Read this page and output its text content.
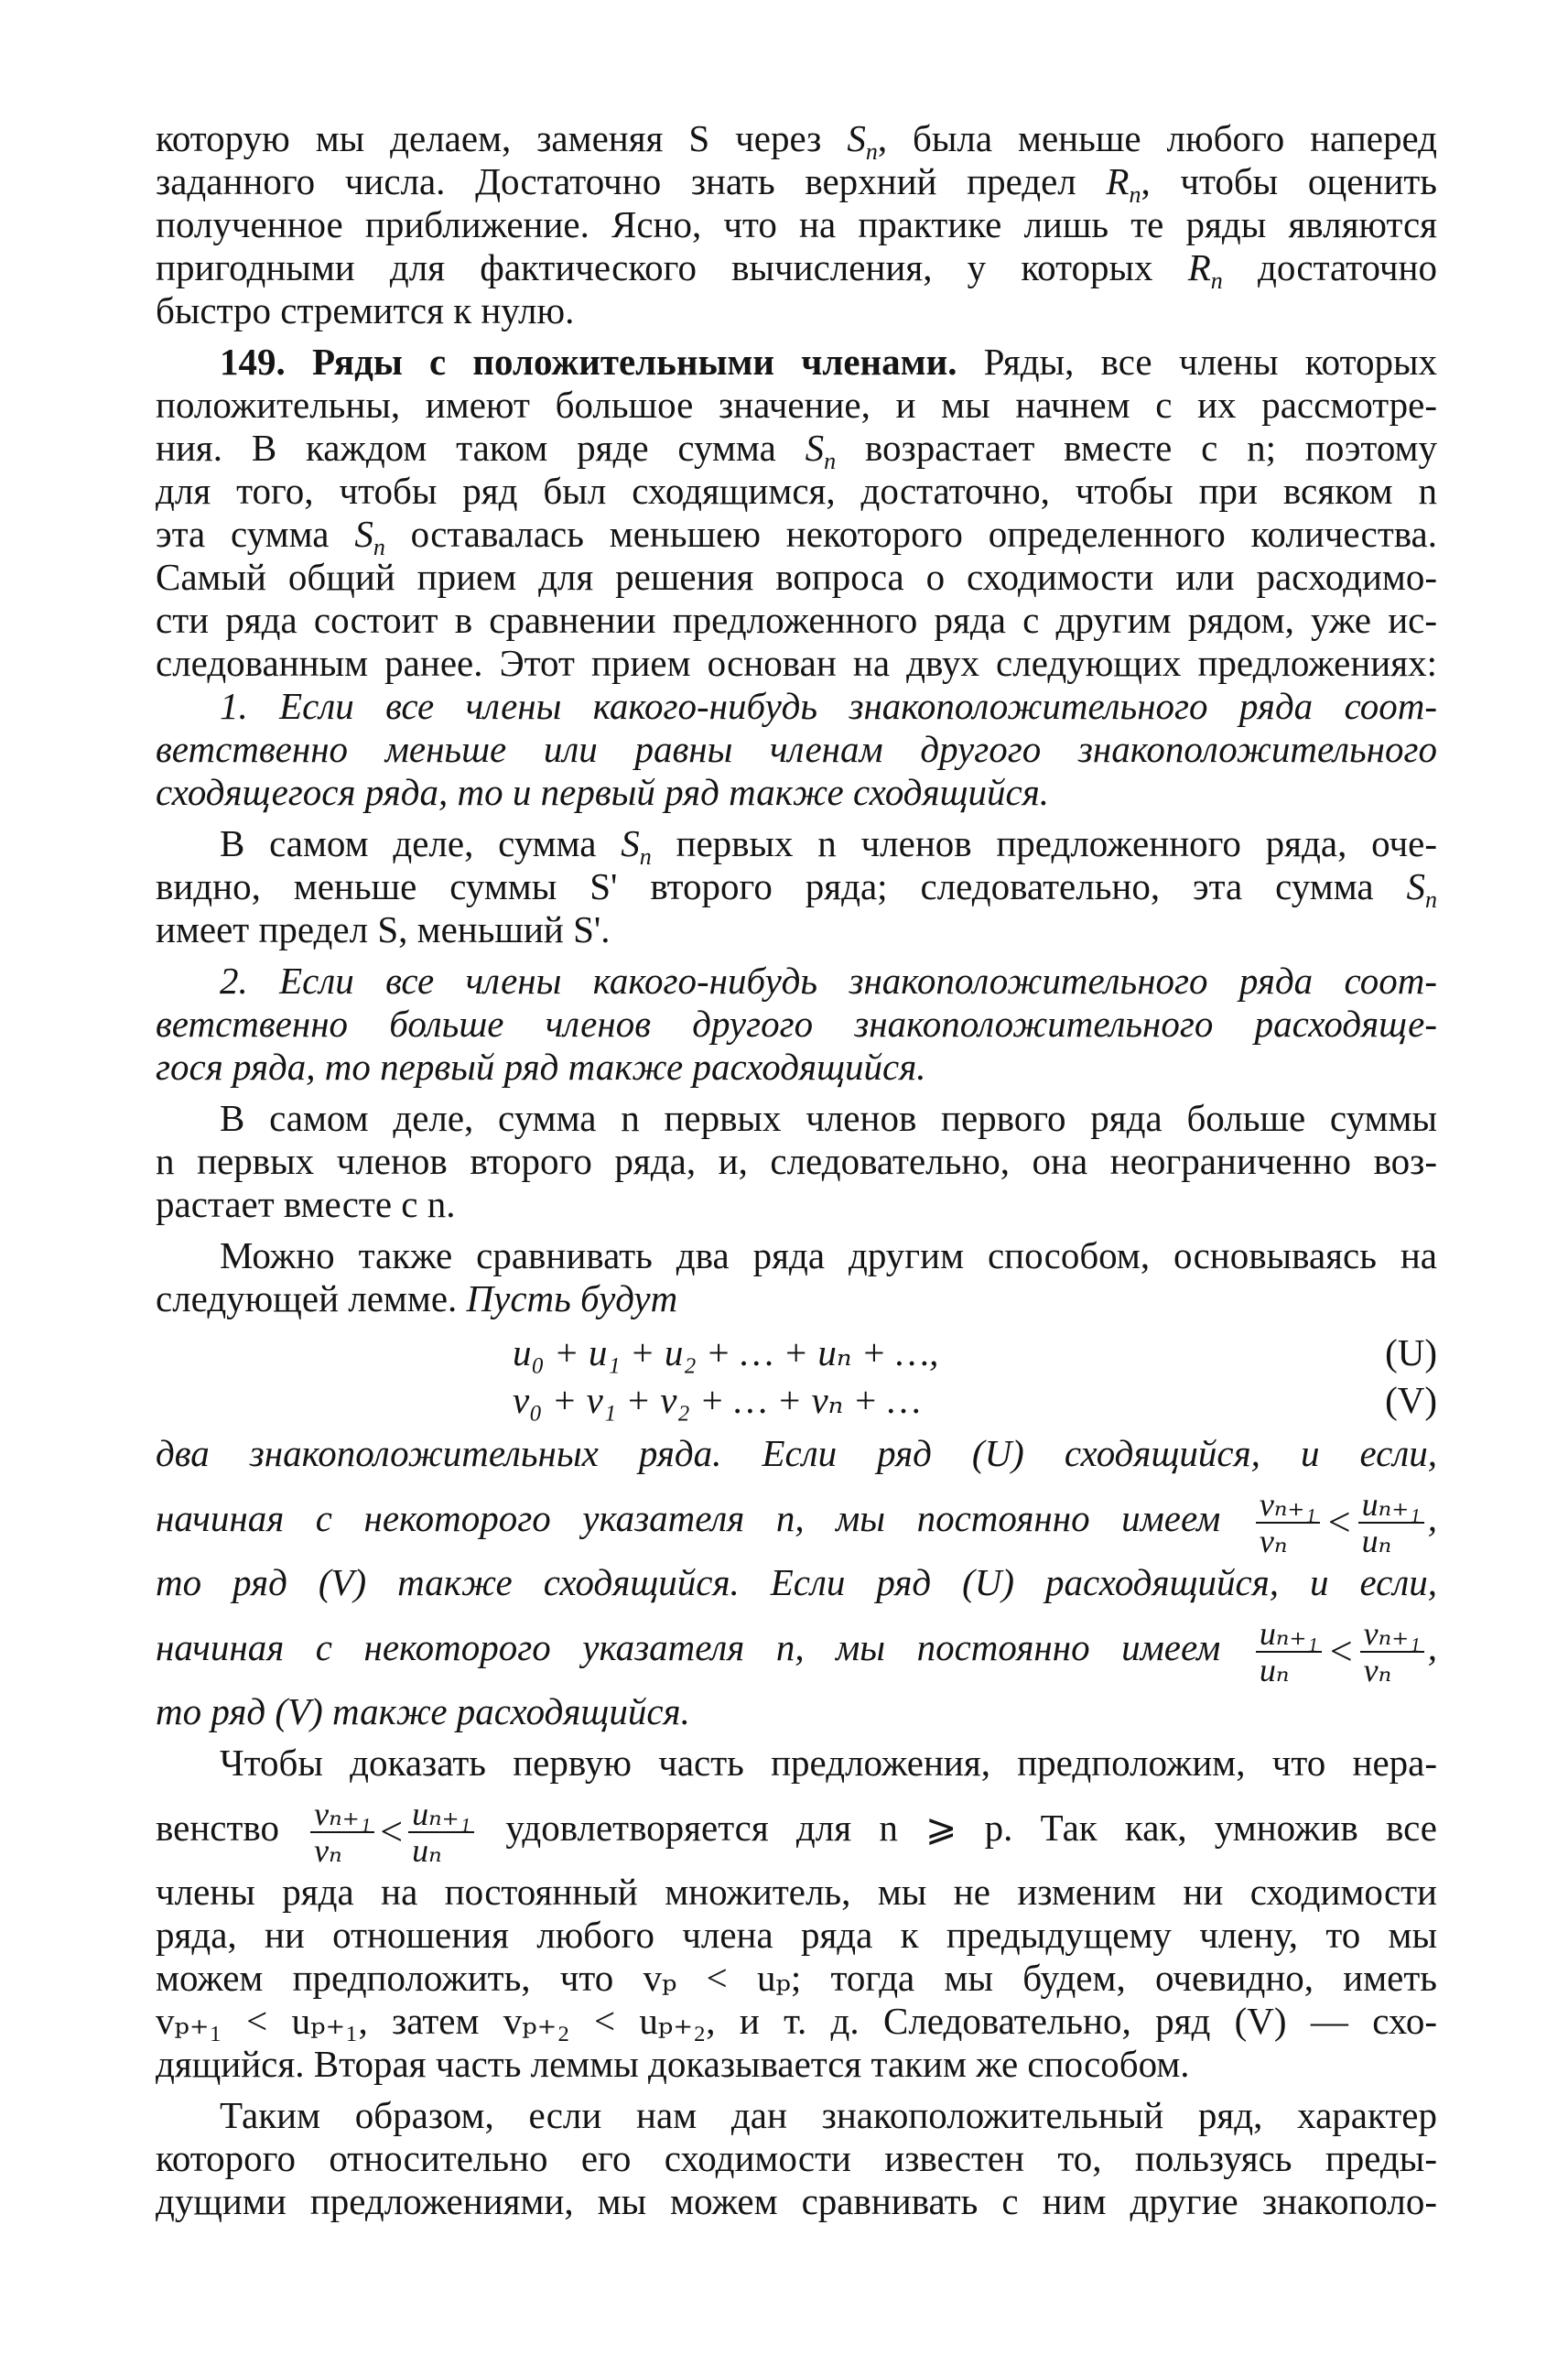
которую мы делаем, заменяя S через $S_n$, была меньше любого наперед
заданного числа. Достаточно знать верхний предел $R_n$, чтобы оценить
полученное приближение. Ясно, что на практике лишь те ряды являются
пригодными для фактического вычисления, у которых $R_n$ достаточно
быстро стремится к нулю.
149. Ряды с положительными членами. Ряды, все члены которых
положительны, имеют большое значение, и мы начнем с их рассмотре-
ния. В каждом таком ряде сумма $S_n$ возрастает вместе с n; поэтому
для того, чтобы ряд был сходящимся, достаточно, чтобы при всяком n
эта сумма $S_n$ оставалась меньшею некоторого определенного количества.
Самый общий прием для решения вопроса о сходимости или расходимо-
сти ряда состоит в сравнении предложенного ряда с другим рядом, уже ис-
следованным ранее. Этот прием основан на двух следующих предложениях:
1. Если все члены какого-нибудь знакоположительного ряда соот-
ветственно меньше или равны членам другого знакоположительного
сходящегося ряда, то и первый ряд также сходящийся.
В самом деле, сумма $S_n$ первых n членов предложенного ряда, оче-
видно, меньше суммы S' второго ряда; следовательно, эта сумма $S_n$
имеет предел S, меньший S'.
2. Если все члены какого-нибудь знакоположительного ряда соот-
ветственно больше членов другого знакоположительного расходяще-
гося ряда, то первый ряд также расходящийся.
В самом деле, сумма n первых членов первого ряда больше суммы
n первых членов второго ряда, и, следовательно, она неограниченно воз-
растает вместе с n.
Можно также сравнивать два ряда другим способом, основываясь на
следующей лемме. Пусть будут
u₀ + u₁ + u₂ + … + uₙ + …,	(U)
v₀ + v₁ + v₂ + … + vₙ + …	(V)
два знакоположительных ряда. Если ряд (U) сходящийся, и если,
начиная с некоторого указателя n, мы постоянно имеем $\frac{\text{vₙ₊₁}}{\text{vₙ}} < \frac{\text{uₙ₊₁}}{\text{uₙ}}$ ,
то ряд (V) также сходящийся. Если ряд (U) расходящийся, и если,
начиная с некоторого указателя n, мы постоянно имеем $\frac{\text{uₙ₊₁}}{\text{uₙ}} < \frac{\text{vₙ₊₁}}{\text{vₙ}}$ ,
то ряд (V) также расходящийся.
Чтобы доказать первую часть предложения, предположим, что нера-
венство $\frac{\text{vₙ₊₁}}{\text{vₙ}} < \frac{\text{uₙ₊₁}}{\text{uₙ}}$ удовлетворяется для n ⩾ p. Так как, умножив все
члены ряда на постоянный множитель, мы не изменим ни сходимости
ряда, ни отношения любого члена ряда к предыдущему члену, то мы
можем предположить, что vₚ < uₚ; тогда мы будем, очевидно, иметь
vₚ₊₁ < uₚ₊₁, затем vₚ₊₂ < uₚ₊₂, и т. д. Следовательно, ряд (V) — схо-
дящийся. Вторая часть леммы доказывается таким же способом.
Таким образом, если нам дан знакоположительный ряд, характер
которого относительно его сходимости известен то, пользуясь преды-
дущими предложениями, мы можем сравнивать с ним другие знакополо-
